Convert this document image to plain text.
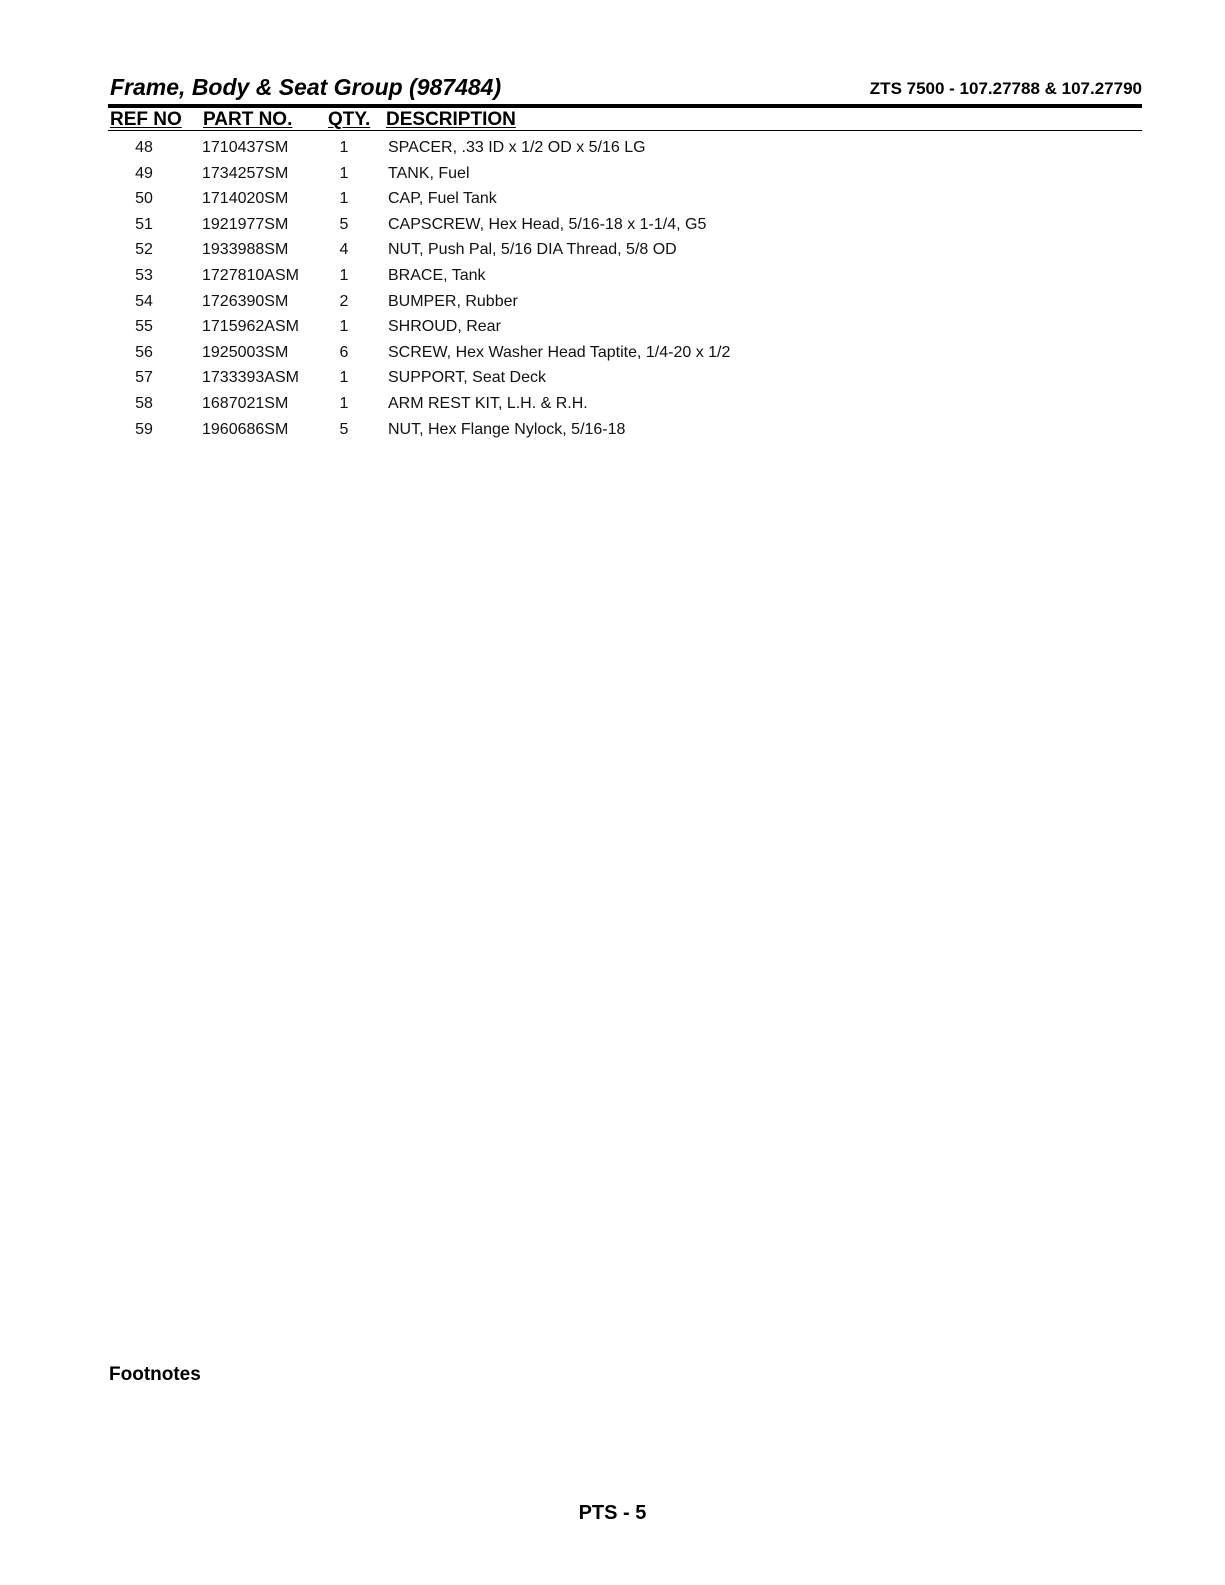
Frame, Body & Seat Group (987484)	ZTS 7500 - 107.27788 & 107.27790
REF NO PART NO. QTY. DESCRIPTION
48	1710437SM	1 SPACER, .33 ID x 1/2 OD x 5/16 LG
49	1734257SM	1 TANK, Fuel
50	1714020SM	1 CAP, Fuel Tank
51	1921977SM	5 CAPSCREW, Hex Head, 5/16-18 x 1-1/4, G5
52	1933988SM	4 NUT, Push Pal, 5/16 DIA Thread, 5/8 OD
53	1727810ASM	1 BRACE, Tank
54	1726390SM	2 BUMPER, Rubber
55	1715962ASM	1 SHROUD, Rear
56	1925003SM	6 SCREW, Hex Washer Head Taptite, 1/4-20 x 1/2
57	1733393ASM	1 SUPPORT, Seat Deck
58	1687021SM	1 ARM REST KIT, L.H. & R.H.
59	1960686SM	5 NUT, Hex Flange Nylock, 5/16-18
Footnotes
PTS - 5
